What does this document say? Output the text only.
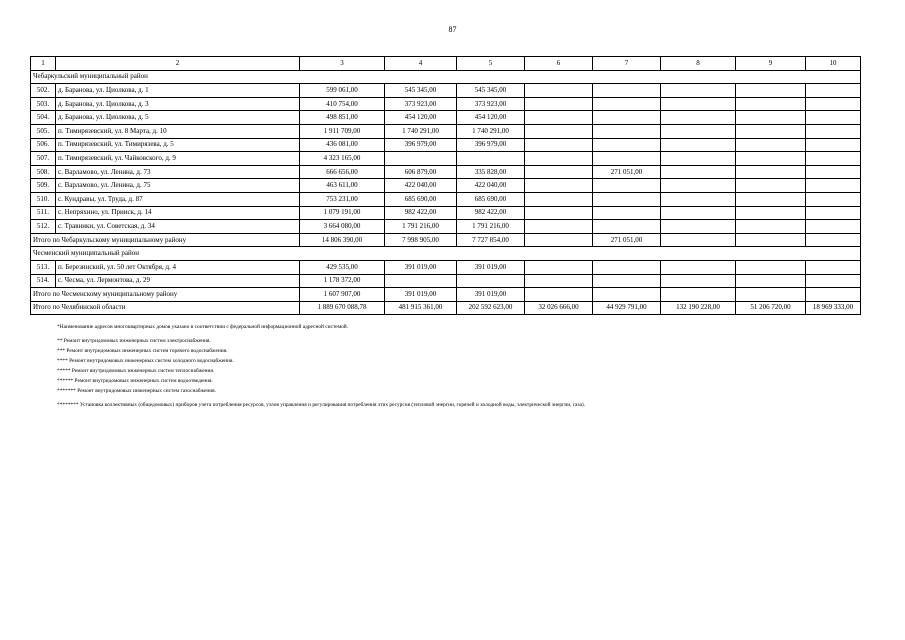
87
1	2	3	4	5	6	7	8	9	10
Чебаркульский муниципальный район									
502.	д. Баранова, ул. Циолкова, д. 1	599 061,00	545 345,00	545 345,00					
503.	д. Баранова, ул. Циолкова, д. 3	410 754,00	373 923,00	373 923,00					
504.	д. Баранова, ул. Циолкова, д. 5	498 851,00	454 120,00	454 120,00					
505.	п. Тимирязевский, ул. 8 Марта, д. 10	1 911 709,00	1 740 291,00	1 740 291,00					
506.	п. Тимирязевский, ул. Тимирязева, д. 5	436 081,00	396 979,00	396 979,00					
507.	п. Тимирязевский, ул. Чайковского, д. 9	4 323 165,00							
508.	с. Варламово, ул. Ленина, д. 73	666 656,00	606 879,00	335 828,00		271 051,00			
509.	с. Варламово, ул. Ленина, д. 75	463 611,00	422 040,00	422 040,00					
510.	с. Кундравы, ул. Труда, д. 87	753 231,00	685 690,00	685 690,00					
511.	с. Непряхино, ул. Прииск, д. 14	1 079 191,00	982 422,00	982 422,00					
512.	с. Травники, ул. Советская, д. 34	3 664 080,00	1 791 216,00	1 791 216,00					
Итого по Чебаркульскому муниципальному району		14 806 390,00	7 998 905,00	7 727 854,00		271 051,00			
Чесменский муниципальный район									
513.	п. Березинский, ул. 50 лет Октября, д. 4	429 535,00	391 019,00	391 019,00					
514.	с. Чесма, ул. Лермонтова, д. 29	1 178 372,00							
Итого по Чесменскому муниципальному району		1 607 907,00	391 019,00	391 019,00					
Итого по Челябинской области		1 889 670 088,78	481 915 361,00	202 592 623,00	32 026 666,00	44 929 791,00	132 190 228,00	51 206 720,00	18 969 333,00
*Наименование адресов многоквартирных домов указано в соответствии с федеральной информационной адресной системой.
** Ремонт внутридомовых инженерных систем электроснабжения.
*** Ремонт внутридомовых инженерных систем горячего водоснабжения.
**** Ремонт внутридомовых инженерных систем холодного водоснабжения.
***** Ремонт внутридомовых инженерных систем теплоснабжения.
****** Ремонт внутридомовых инженерных систем водоотведения.
******* Ремонт внутридомовых инженерных систем газоснабжения.
******** Установка коллективных (общедомовых) приборов учета потребления ресурсов, узлов управления и регулирования потребления этих ресурсов (тепловой энергии, горячей и холодной воды, электрической энергии, газа).
